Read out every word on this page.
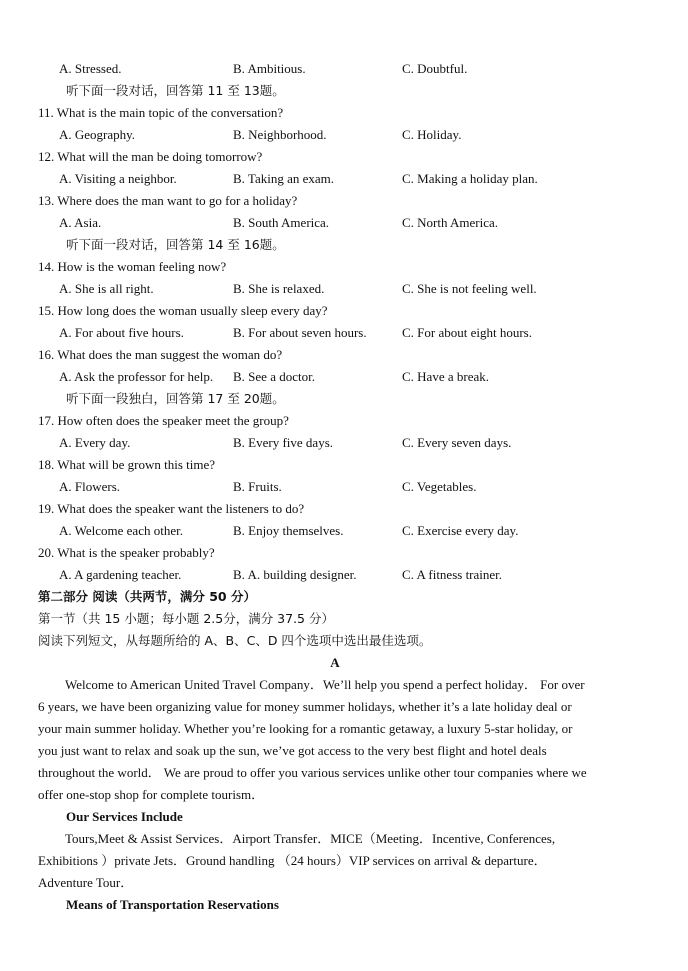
A. Stressed.	B. Ambitious.	C. Doubtful.
听下面一段对话，回答第 11 至 13题。
11. What is the main topic of the conversation?
A. Geography.	B. Neighborhood.	C. Holiday.
12. What will the man be doing tomorrow?
A. Visiting a neighbor.	B. Taking an exam.	C. Making a holiday plan.
13. Where does the man want to go for a holiday?
A. Asia.	B. South America.	C. North America.
听下面一段对话，回答第 14 至 16题。
14. How is the woman feeling now?
A. She is all right.	B. She is relaxed.	C. She is not feeling well.
15. How long does the woman usually sleep every day?
A. For about five hours.	B. For about seven hours.	C. For about eight hours.
16. What does the man suggest the woman do?
A. Ask the professor for help. B. See a doctor.	C. Have a break.
听下面一段独白，回答第 17 至 20题。
17. How often does the speaker meet the group?
A. Every day.	B. Every five days.	C. Every seven days.
18. What will be grown this time?
A. Flowers.	B. Fruits.	C. Vegetables.
19. What does the speaker want the listeners to do?
A. Welcome each other.	B. Enjoy themselves.	C. Exercise every day.
20. What is the speaker probably?
A. A gardening teacher.	B. A. building designer.	C. A fitness trainer.
第二部分 阅读（共两节，满分 50 分）
第一节（共 15 小题；每小题 2.5分，满分 37.5 分）
阅读下列短文，从每题所给的 A、B、C、D 四个选项中选出最佳选项。
A
Welcome to American United Travel Company．We’ll help you spend a perfect holiday． For over
6 years, we have been organizing value for money summer holidays, whether it’s a late holiday deal or
your main summer holiday. Whether you’re looking for a romantic getaway, a luxury 5-star holiday, or
you just want to relax and soak up the sun, we’ve got access to the very best flight and hotel deals
throughout the world． We are proud to offer you various services unlike other tour companies where we
offer one-stop shop for complete tourism．
Our Services Include
Tours,Meet & Assist Services．Airport Transfer．MICE（Meeting．Incentive, Conferences,
Exhibitions ）private Jets．Ground handling （24 hours）VIP services on arrival & departure．
Adventure Tour．
Means of Transportation Reservations
